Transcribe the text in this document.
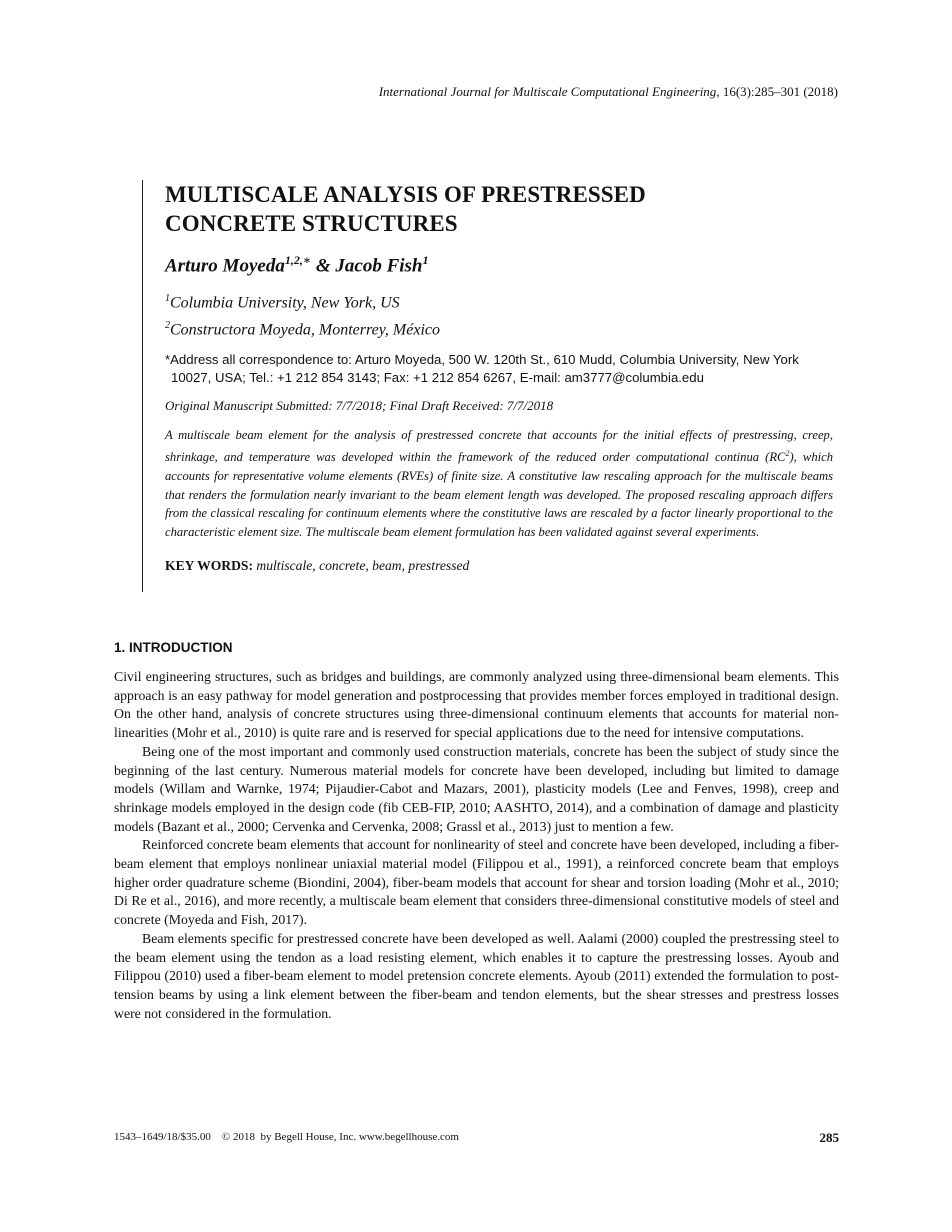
International Journal for Multiscale Computational Engineering, 16(3):285–301 (2018)
MULTISCALE ANALYSIS OF PRESTRESSED
CONCRETE STRUCTURES
Arturo Moyeda$^{1,2,∗}$ & Jacob Fish$^1$
$^1$Columbia University, New York, US
$^2$Constructora Moyeda, Monterrey, México
*Address all correspondence to: Arturo Moyeda, 500 W. 120th St., 610 Mudd, Columbia University, New York 10027, USA; Tel.: +1 212 854 3143; Fax: +1 212 854 6267, E-mail: am3777@columbia.edu
Original Manuscript Submitted: 7/7/2018; Final Draft Received: 7/7/2018
A multiscale beam element for the analysis of prestressed concrete that accounts for the initial effects of prestressing, creep, shrinkage, and temperature was developed within the framework of the reduced order computational continua $(RC^2)$, which accounts for representative volume elements (RVEs) of finite size. A constitutive law rescaling approach for the multiscale beams that renders the formulation nearly invariant to the beam element length was developed. The proposed rescaling approach differs from the classical rescaling for continuum elements where the constitutive laws are rescaled by a factor linearly proportional to the characteristic element size. The multiscale beam element formulation has been validated against several experiments.
KEY WORDS: multiscale, concrete, beam, prestressed
1. INTRODUCTION

Civil engineering structures, such as bridges and buildings, are commonly analyzed using three-dimensional beam elements. This approach is an easy pathway for model generation and postprocessing that provides member forces employed in traditional design. On the other hand, analysis of concrete structures using three-dimensional continuum elements that accounts for material non-linearities (Mohr et al., 2010) is quite rare and is reserved for special applications due to the need for intensive computations.

Being one of the most important and commonly used construction materials, concrete has been the subject of study since the beginning of the last century. Numerous material models for concrete have been developed, including but limited to damage models (Willam and Warnke, 1974; Pijaudier-Cabot and Mazars, 2001), plasticity models (Lee and Fenves, 1998), creep and shrinkage models employed in the design code (fib CEB-FIP, 2010; AASHTO, 2014), and a combination of damage and plasticity models (Bazant et al., 2000; Cervenka and Cervenka, 2008; Grassl et al., 2013) just to mention a few.

Reinforced concrete beam elements that account for nonlinearity of steel and concrete have been developed, including a fiber-beam element that employs nonlinear uniaxial material model (Filippou et al., 1991), a reinforced concrete beam that employs higher order quadrature scheme (Biondini, 2004), fiber-beam models that account for shear and torsion loading (Mohr et al., 2010; Di Re et al., 2016), and more recently, a multiscale beam element that considers three-dimensional constitutive models of steel and concrete (Moyeda and Fish, 2017).

Beam elements specific for prestressed concrete have been developed as well. Aalami (2000) coupled the prestressing steel to the beam element using the tendon as a load resisting element, which enables it to capture the prestressing losses. Ayoub and Filippou (2010) used a fiber-beam element to model pretension concrete elements. Ayoub (2011) extended the formulation to post-tension beams by using a link element between the fiber-beam and tendon elements, but the shear stresses and prestress losses were not considered in the formulation.

1543–1649/18/$35.00    © 2018  by Begell House, Inc. www.begellhouse.com	285
